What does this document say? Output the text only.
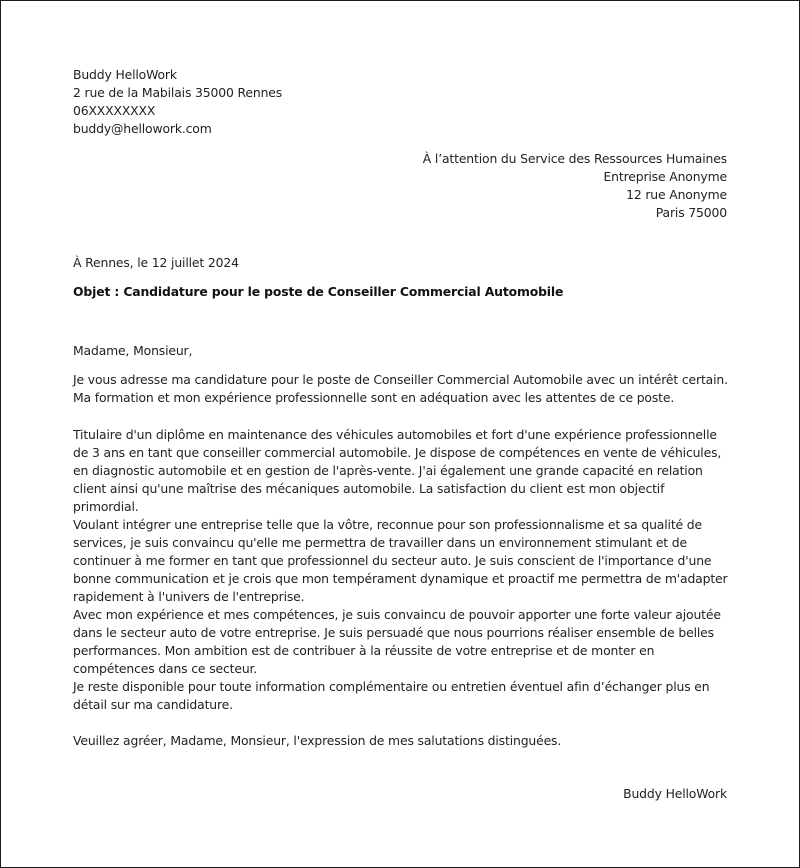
Buddy HelloWork
2 rue de la Mabilais 35000 Rennes
06XXXXXXXX
buddy@hellowork.com
À l’attention du Service des Ressources Humaines
Entreprise Anonyme
12 rue Anonyme
Paris 75000
À Rennes, le 12 juillet 2024
Objet : Candidature pour le poste de Conseiller Commercial Automobile
Madame, Monsieur,

Je vous adresse ma candidature pour le poste de Conseiller Commercial Automobile avec un intérêt certain. Ma formation et mon expérience professionnelle sont en adéquation avec les attentes de ce poste.

Titulaire d'un diplôme en maintenance des véhicules automobiles et fort d'une expérience professionnelle de 3 ans en tant que conseiller commercial automobile. Je dispose de compétences en vente de véhicules, en diagnostic automobile et en gestion de l'après-vente. J'ai également une grande capacité en relation client ainsi qu'une maîtrise des mécaniques automobile. La satisfaction du client est mon objectif primordial.

Voulant intégrer une entreprise telle que la vôtre, reconnue pour son professionnalisme et sa qualité de services, je suis convaincu qu'elle me permettra de travailler dans un environnement stimulant et de continuer à me former en tant que professionnel du secteur auto. Je suis conscient de l'importance d'une bonne communication et je crois que mon tempérament dynamique et proactif me permettra de m'adapter rapidement à l'univers de l'entreprise.

Avec mon expérience et mes compétences, je suis convaincu de pouvoir apporter une forte valeur ajoutée dans le secteur auto de votre entreprise. Je suis persuadé que nous pourrions réaliser ensemble de belles performances. Mon ambition est de contribuer à la réussite de votre entreprise et de monter en compétences dans ce secteur.

Je reste disponible pour toute information complémentaire ou entretien éventuel afin d’échanger plus en détail sur ma candidature.

Veuillez agréer, Madame, Monsieur, l'expression de mes salutations distinguées.

Buddy HelloWork
